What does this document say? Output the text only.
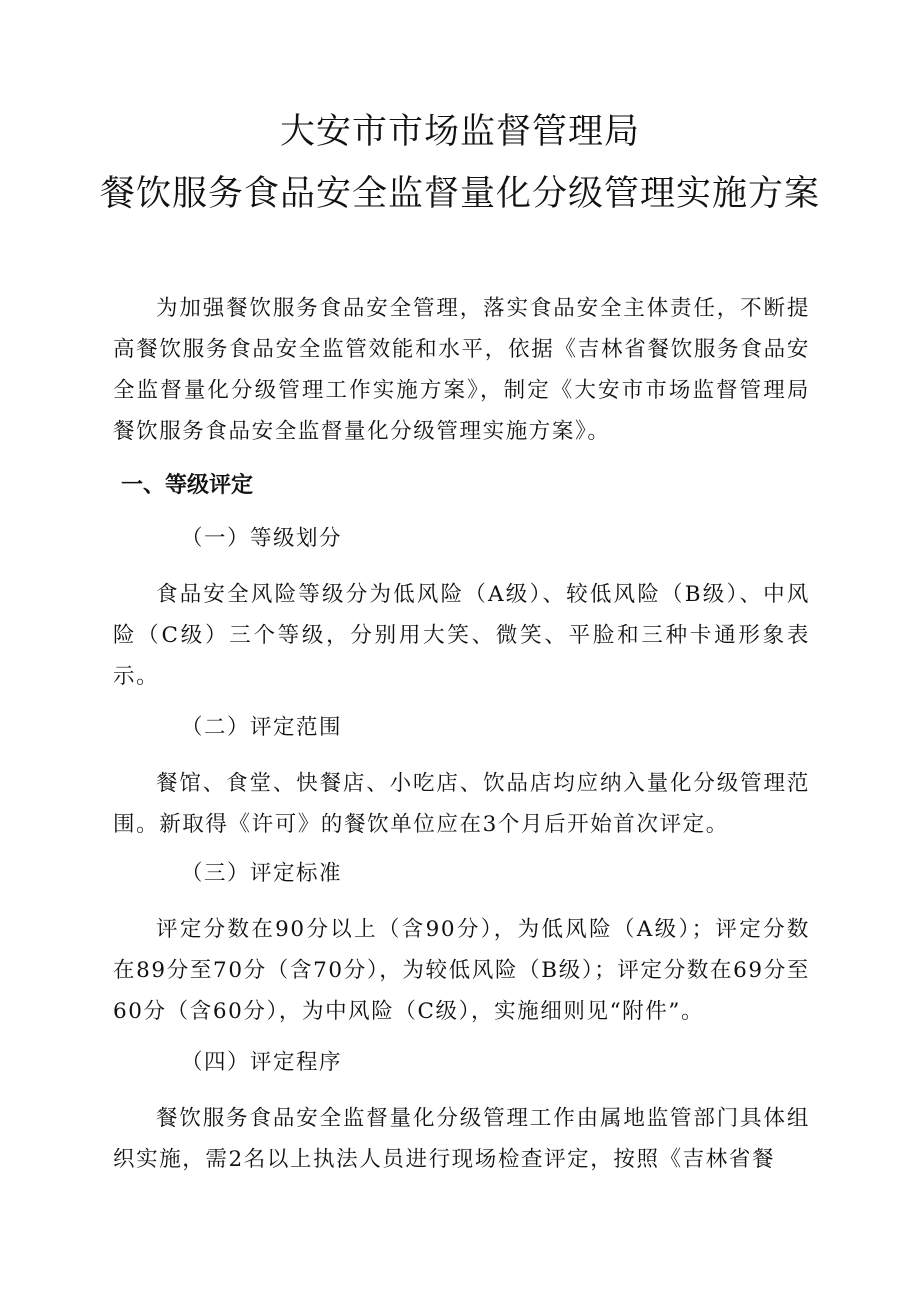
大安市市场监督管理局
餐饮服务食品安全监督量化分级管理实施方案
为加强餐饮服务食品安全管理，落实食品安全主体责任，不断提高餐饮服务食品安全监管效能和水平，依据《吉林省餐饮服务食品安全监督量化分级管理工作实施方案》，制定《大安市市场监督管理局餐饮服务食品安全监督量化分级管理实施方案》。
一、等级评定
（一）等级划分
食品安全风险等级分为低风险（A级）、较低风险（B级）、中风险（C级）三个等级，分别用大笑、微笑、平脸和三种卡通形象表示。
（二）评定范围
餐馆、食堂、快餐店、小吃店、饮品店均应纳入量化分级管理范围。新取得《许可》的餐饮单位应在3个月后开始首次评定。
（三）评定标准
评定分数在90分以上（含90分），为低风险（A级）；评定分数在89分至70分（含70分），为较低风险（B级）；评定分数在69分至60分（含60分），为中风险（C级），实施细则见“附件”。
（四）评定程序
餐饮服务食品安全监督量化分级管理工作由属地监管部门具体组织实施，需2名以上执法人员进行现场检查评定，按照《吉林省餐
